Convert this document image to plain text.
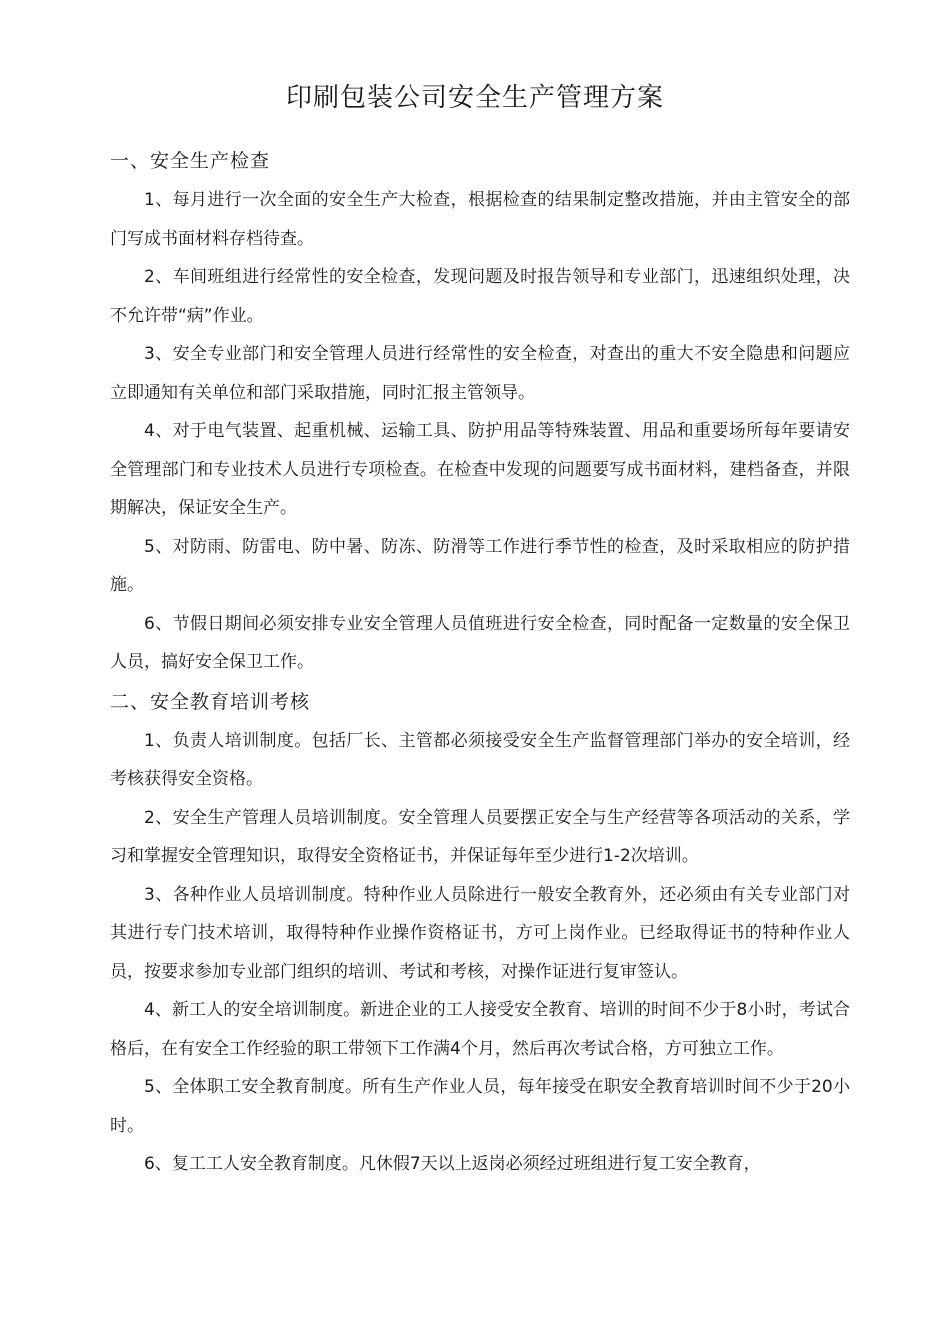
印刷包装公司安全生产管理方案
一、安全生产检查

1、每月进行一次全面的安全生产大检查，根据检查的结果制定整改措施，并由主管安全的部门写成书面材料存档待查。

2、车间班组进行经常性的安全检查，发现问题及时报告领导和专业部门，迅速组织处理，决不允许带“病”作业。

3、安全专业部门和安全管理人员进行经常性的安全检查，对查出的重大不安全隐患和问题应立即通知有关单位和部门采取措施，同时汇报主管领导。

4、对于电气装置、起重机械、运输工具、防护用品等特殊装置、用品和重要场所每年要请安全管理部门和专业技术人员进行专项检查。在检查中发现的问题要写成书面材料，建档备查，并限期解决，保证安全生产。

5、对防雨、防雷电、防中暑、防冻、防滑等工作进行季节性的检查，及时采取相应的防护措施。

6、节假日期间必须安排专业安全管理人员值班进行安全检查，同时配备一定数量的安全保卫人员，搞好安全保卫工作。

二、安全教育培训考核

1、负责人培训制度。包括厂长、主管都必须接受安全生产监督管理部门举办的安全培训，经考核获得安全资格。

2、安全生产管理人员培训制度。安全管理人员要摆正安全与生产经营等各项活动的关系，学习和掌握安全管理知识，取得安全资格证书，并保证每年至少进行1-2次培训。

3、各种作业人员培训制度。特种作业人员除进行一般安全教育外，还必须由有关专业部门对其进行专门技术培训，取得特种作业操作资格证书，方可上岗作业。已经取得证书的特种作业人员，按要求参加专业部门组织的培训、考试和考核，对操作证进行复审签认。

4、新工人的安全培训制度。新进企业的工人接受安全教育、培训的时间不少于8小时，考试合格后，在有安全工作经验的职工带领下工作满4个月，然后再次考试合格，方可独立工作。

5、全体职工安全教育制度。所有生产作业人员，每年接受在职安全教育培训时间不少于20小时。

6、复工工人安全教育制度。凡休假7天以上返岗必须经过班组进行复工安全教育，
